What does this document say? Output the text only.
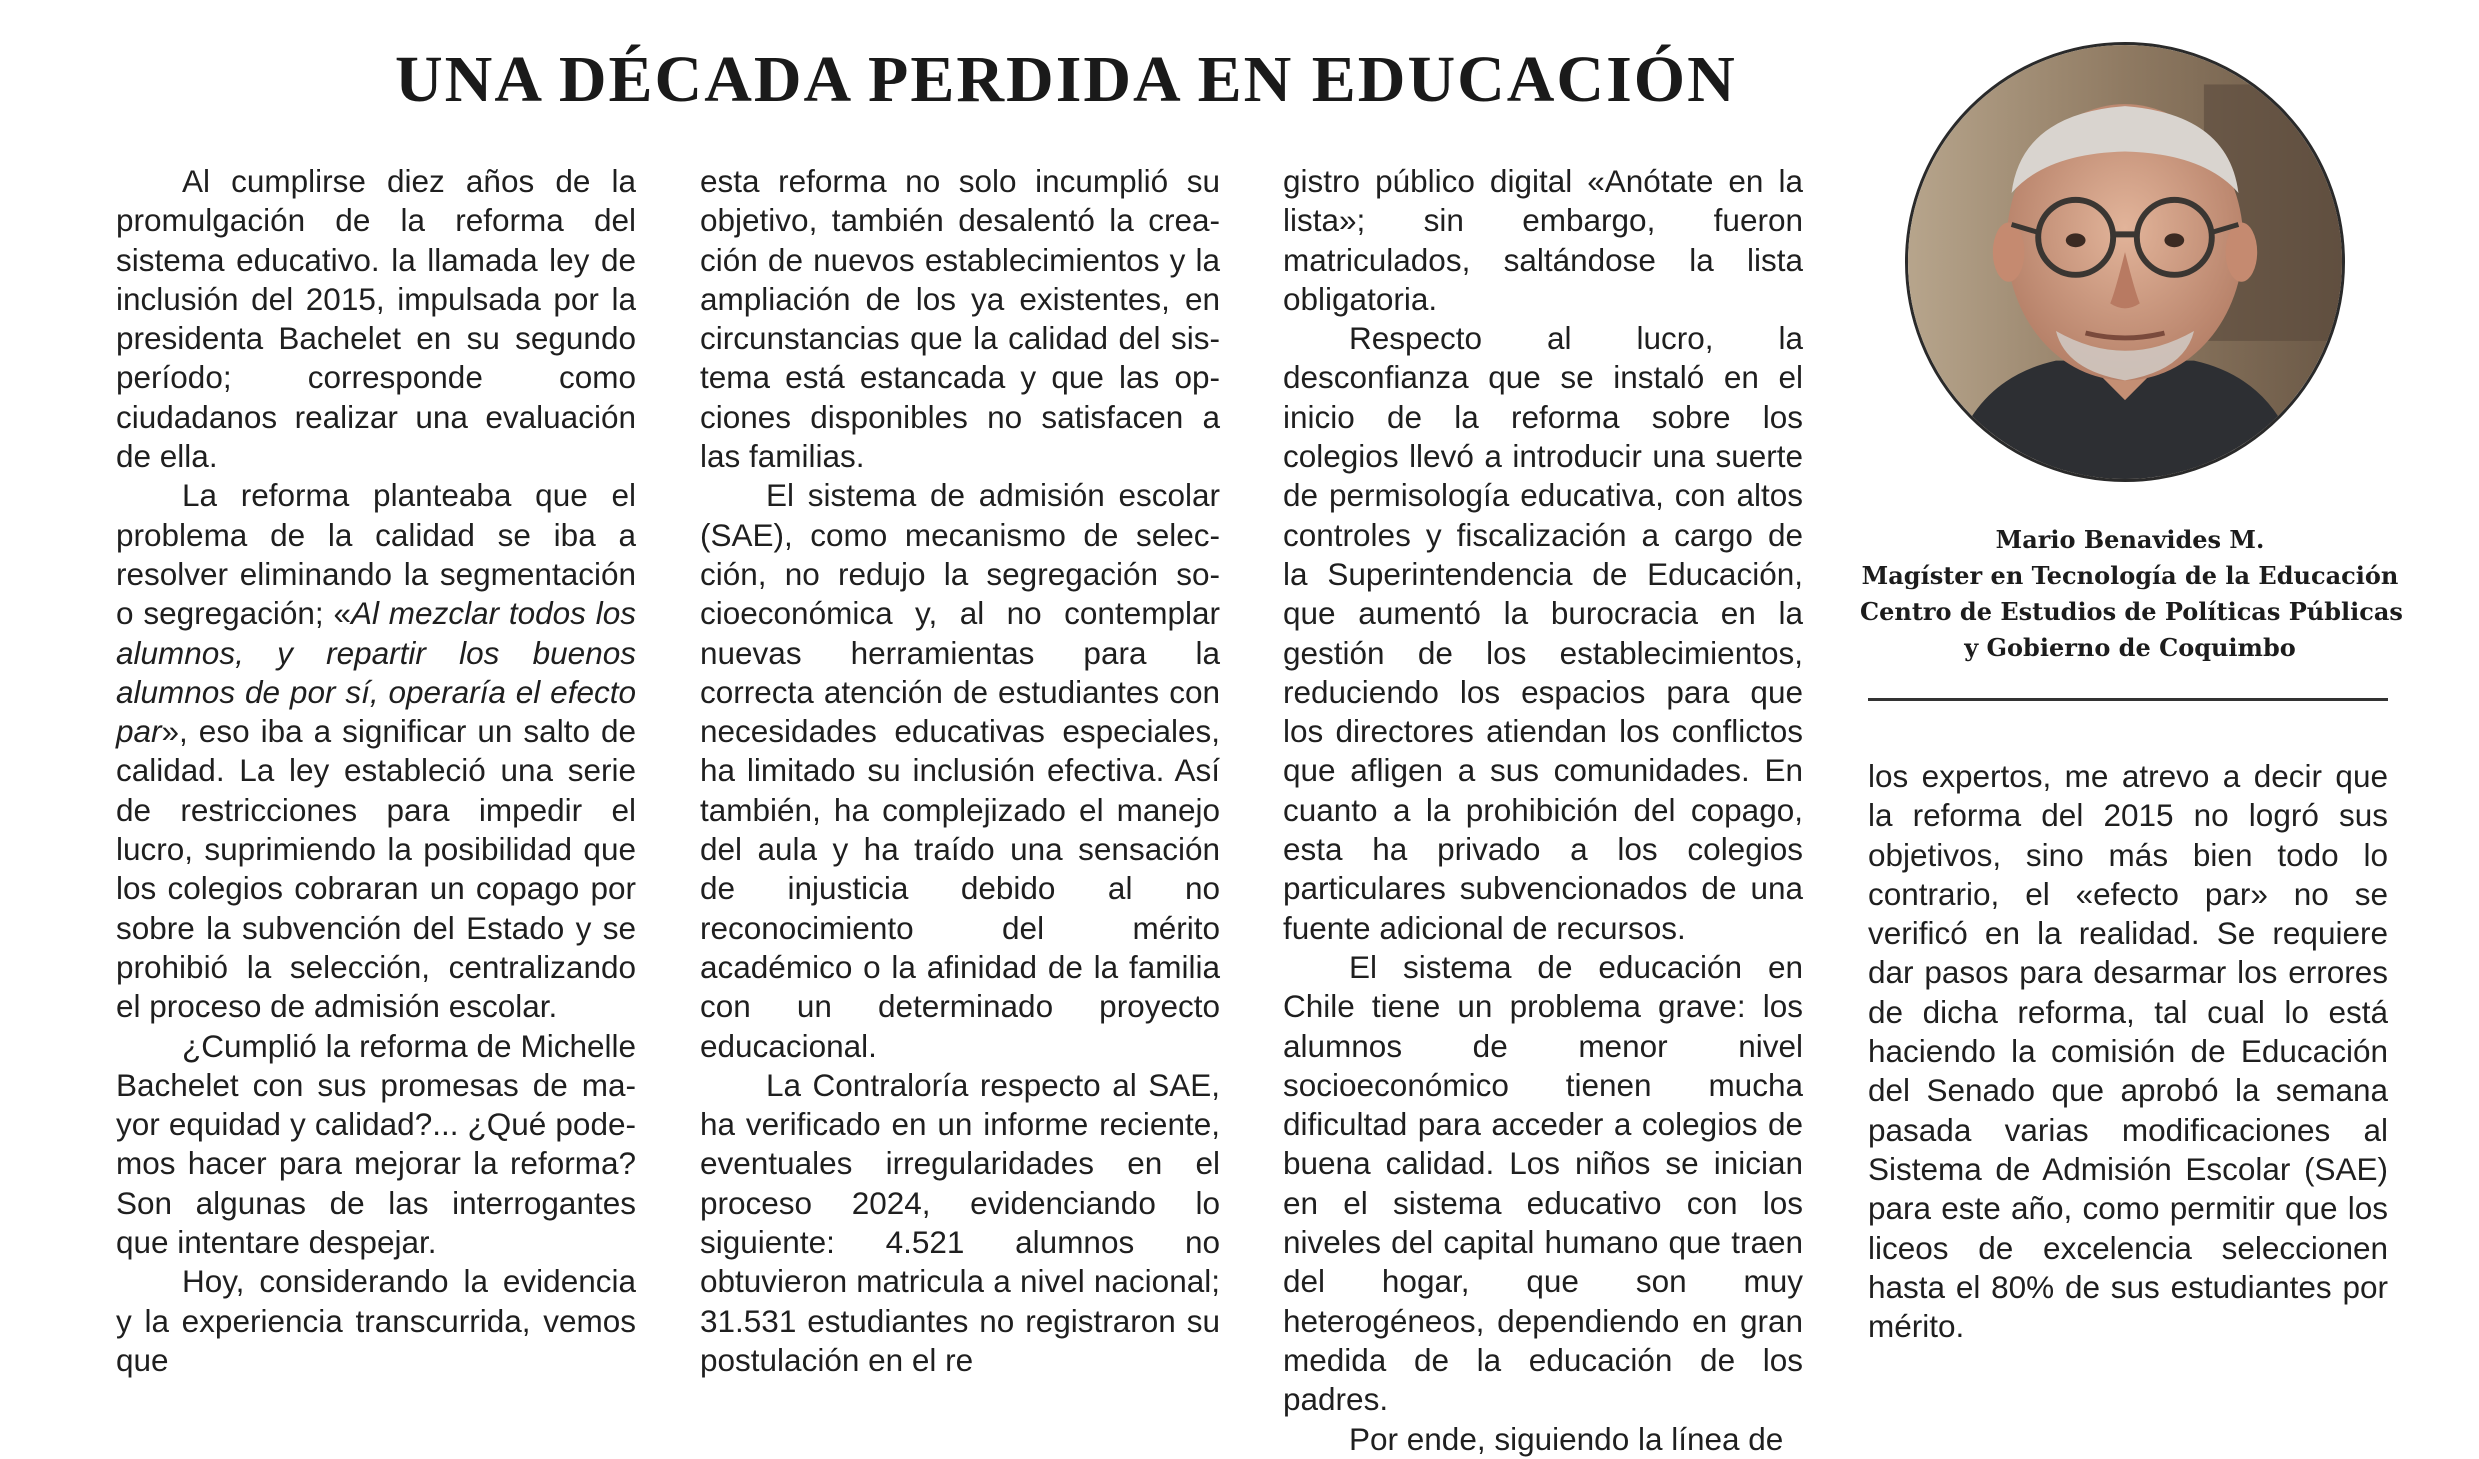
UNA DÉCADA PERDIDA EN EDUCACIÓN

Al cumplirse diez años de la promulgación de la reforma del sistema educativo. la llamada ley de inclusión del 2015, impulsada por la presidenta Bachelet en su segundo período; corresponde como ciudadanos realizar una evaluación de ella.

La reforma planteaba que el problema de la calidad se iba a resolver eliminando la segmentación o segregación; «Al mezclar todos los alumnos, y repartir los buenos alumnos de por sí, operaría el efecto par», eso iba a significar un salto de calidad. La ley estableció una serie de restricciones para impedir el lucro, suprimiendo la posibilidad que los colegios cobraran un copago por sobre la subvención del Estado y se prohibió la selección, centralizando el proceso de admisión escolar.

¿Cumplió la reforma de Michelle Bachelet con sus promesas de mayor equidad y calidad?... ¿Qué podemos hacer para mejorar la reforma? Son algunas de las interrogantes que intentare despejar.

Hoy, considerando la evidencia y la experiencia transcurrida, vemos que

esta reforma no solo incumplió su objetivo, también desalentó la creación de nuevos establecimientos y la ampliación de los ya existentes, en circunstancias que la calidad del sistema está estancada y que las opciones disponibles no satisfacen a las familias.

El sistema de admisión escolar (SAE), como mecanismo de selección, no redujo la segregación socioeconómica y, al no contemplar nuevas herramientas para la correcta atención de estudiantes con necesidades educativas especiales, ha limitado su inclusión efectiva. Así también, ha complejizado el manejo del aula y ha traído una sensación de injusticia debido al no reconocimiento del mérito académico o la afinidad de la familia con un determinado proyecto educacional.

La Contraloría respecto al SAE, ha verificado en un informe reciente, eventuales irregularidades en el proceso 2024, evidenciando lo siguiente: 4.521 alumnos no obtuvieron matricula a nivel nacional; 31.531 estudiantes no registraron su postulación en el re

gistro público digital «Anótate en la lista»; sin embargo, fueron matriculados, saltándose la lista obligatoria.

Respecto al lucro, la desconfianza que se instaló en el inicio de la reforma sobre los colegios llevó a introducir una suerte de permisología educativa, con altos controles y fiscalización a cargo de la Superintendencia de Educación, que aumentó la burocracia en la gestión de los establecimientos, reduciendo los espacios para que los directores atiendan los conflictos que afligen a sus comunidades. En cuanto a la prohibición del copago, esta ha privado a los colegios particulares subvencionados de una fuente adicional de recursos.

El sistema de educación en Chile tiene un problema grave: los alumnos de menor nivel socioeconómico tienen mucha dificultad para acceder a colegios de buena calidad. Los niños se inician en el sistema educativo con los niveles del capital humano que traen del hogar, que son muy heterogéneos, dependiendo en gran medida de la educación de los padres.

Por ende, siguiendo la línea de

Mario Benavides M.
Magíster en Tecnología de la Educación
Centro de Estudios de Políticas Públicas
y Gobierno de Coquimbo

los expertos, me atrevo a decir que la reforma del 2015 no logró sus objetivos, sino más bien todo lo contrario, el «efecto par» no se verificó en la realidad. Se requiere dar pasos para desarmar los errores de dicha reforma, tal cual lo está haciendo la comisión de Educación del Senado que aprobó la semana pasada varias modificaciones al Sistema de Admisión Escolar (SAE) para este año, como permitir que los liceos de excelencia seleccionen hasta el 80% de sus estudiantes por mérito.
